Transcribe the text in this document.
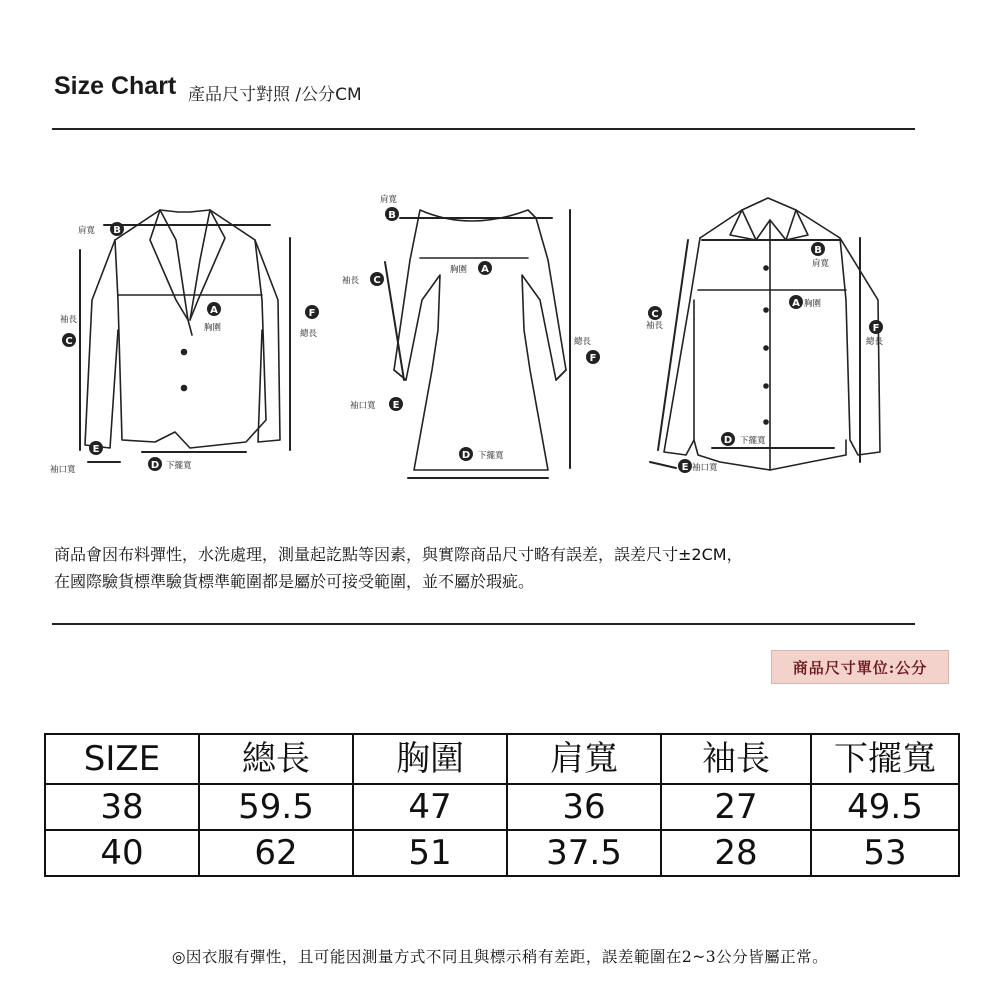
Size Chart 產品尺寸對照 /公分CM
肩寬
袖長
胸圍
總長
袖口寬	下擺寬
肩寬
袖長
胸圍
總長
袖口寬
下擺寬
肩寬
胸圍
袖長
總長
下擺寬
袖口寬
B
C
A	F
E
D
B
C
A
F
E
D
B
A
C
F
D
E
商品會因布料彈性，水洗處理，測量起訖點等因素，與實際商品尺寸略有誤差，誤差尺寸±2CM，
在國際驗貨標準驗貨標準範圍都是屬於可接受範圍，並不屬於瑕疵。
商品尺寸單位:公分
SIZE	總長	胸圍	肩寬	袖長	下擺寬
38	59.5	47	36	27	49.5
40	62	51	37.5	28	53
◎因衣服有彈性，且可能因測量方式不同且與標示稍有差距，誤差範圍在2~3公分皆屬正常。
